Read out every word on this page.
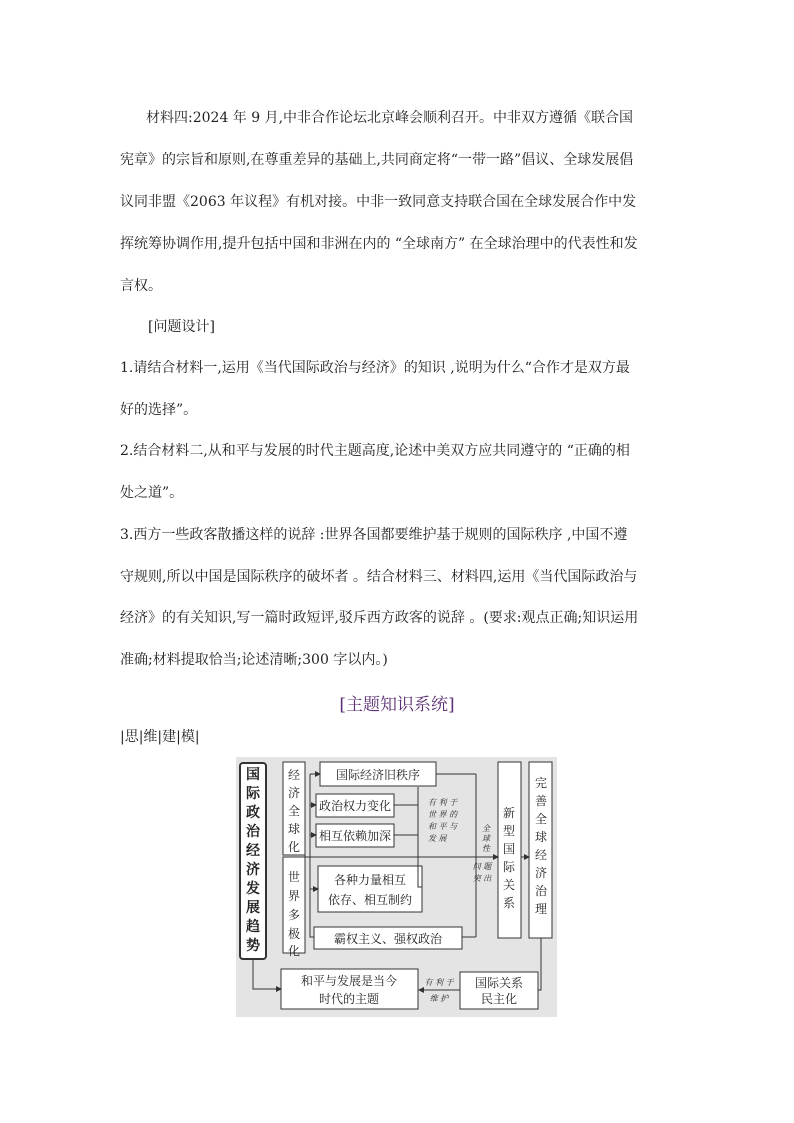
材料四:2024 年 9 月,中非合作论坛北京峰会顺利召开。中非双方遵循《联合国
宪章》的宗旨和原则,在尊重差异的基础上,共同商定将“一带一路”倡议、全球发展倡
议同非盟《2063 年议程》有机对接。中非一致同意支持联合国在全球发展合作中发
挥统筹协调作用,提升包括中国和非洲在内的 “全球南方” 在全球治理中的代表性和发
言权。
[问题设计]
1.请结合材料一,运用《当代国际政治与经济》的知识 ,说明为什么“合作才是双方最
好的选择”。
2.结合材料二,从和平与发展的时代主题高度,论述中美双方应共同遵守的 “正确的相
处之道”。
3.西方一些政客散播这样的说辞 :世界各国都要维护基于规则的国际秩序 ,中国不遵
守规则,所以中国是国际秩序的破坏者 。结合材料三、材料四,运用《当代国际政治与
经济》的有关知识,写一篇时政短评,驳斥西方政客的说辞 。(要求:观点正确;知识运用
准确;材料提取恰当;论述清晰;300 字以内。)
[主题知识系统]
|思|维|建|模|
国
际
政
治
经
济
发
展
趋
势
经
济
全
球
化
世
界
多
极
化
国际经济旧秩序
政治权力变化
相互依赖加深
各种力量相互
依存、相互制约
霸权主义、强权政治
有 利 于
世 界 的
和 平 与
发 展
全
球
性
问 题
突 出
有 利 于
维 护
新
型
国
际
关
系
完
善
全
球
经
济
治
理
和平与发展是当今
时代的主题
国际关系
民主化
